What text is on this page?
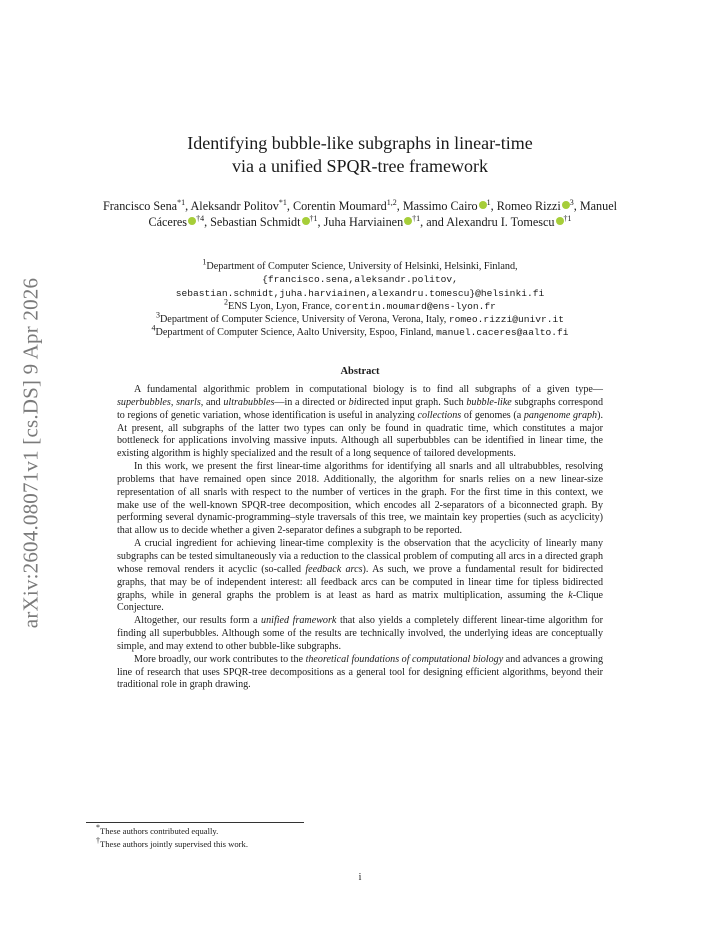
arXiv:2604.08071v1 [cs.DS] 9 Apr 2026
Identifying bubble-like subgraphs in linear-time
via a unified SPQR-tree framework
Francisco Sena$^{*1}$, Aleksandr Politov$^{*1}$, Corentin Moumard$^{1,2}$, Massimo Cairo $^1$, Romeo Rizzi $^3$, Manuel Cáceres $^{\dagger 4}$, Sebastian Schmidt $^{\dagger 1}$, Juha Harviainen $^{\dagger 1}$, and Alexandru I. Tomescu $^{\dagger 1}$
$^1$Department of Computer Science, University of Helsinki, Helsinki, Finland,
{francisco.sena,aleksandr.politov,
sebastian.schmidt,juha.harviainen,alexandru.tomescu}@helsinki.fi
$^2$ENS Lyon, Lyon, France, corentin.moumard@ens-lyon.fr
$^3$Department of Computer Science, University of Verona, Verona, Italy, romeo.rizzi@univr.it
$^4$Department of Computer Science, Aalto University, Espoo, Finland, manuel.caceres@aalto.fi
Abstract

A fundamental algorithmic problem in computational biology is to find all subgraphs of a given type—superbubbles, snarls, and ultrabubbles—in a directed or bidirected input graph. Such bubble-like subgraphs correspond to regions of genetic variation, whose identification is useful in analyzing collections of genomes (a pangenome graph). At present, all subgraphs of the latter two types can only be found in quadratic time, which constitutes a major bottleneck for applications involving massive inputs. Although all superbubbles can be identified in linear time, the existing algorithm is highly specialized and the result of a long sequence of tailored developments.

In this work, we present the first linear-time algorithms for identifying all snarls and all ultrabubbles, resolving problems that have remained open since 2018. Additionally, the algorithm for snarls relies on a new linear-size representation of all snarls with respect to the number of vertices in the graph. For the first time in this context, we make use of the well-known SPQR-tree decomposition, which encodes all 2-separators of a biconnected graph. By performing several dynamic-programming–style traversals of this tree, we maintain key properties (such as acyclicity) that allow us to decide whether a given 2-separator defines a subgraph to be reported.

A crucial ingredient for achieving linear-time complexity is the observation that the acyclicity of linearly many subgraphs can be tested simultaneously via a reduction to the classical problem of computing all arcs in a directed graph whose removal renders it acyclic (so-called feedback arcs). As such, we prove a fundamental result for bidirected graphs, that may be of independent interest: all feedback arcs can be computed in linear time for tipless bidirected graphs, while in general graphs the problem is at least as hard as matrix multiplication, assuming the k-Clique Conjecture.

Altogether, our results form a unified framework that also yields a completely different linear-time algorithm for finding all superbubbles. Although some of the results are technically involved, the underlying ideas are conceptually simple, and may extend to other bubble-like subgraphs.

More broadly, our work contributes to the theoretical foundations of computational biology and advances a growing line of research that uses SPQR-tree decompositions as a general tool for designing efficient algorithms, beyond their traditional role in graph drawing.

*These authors contributed equally.
†These authors jointly supervised this work.
i
